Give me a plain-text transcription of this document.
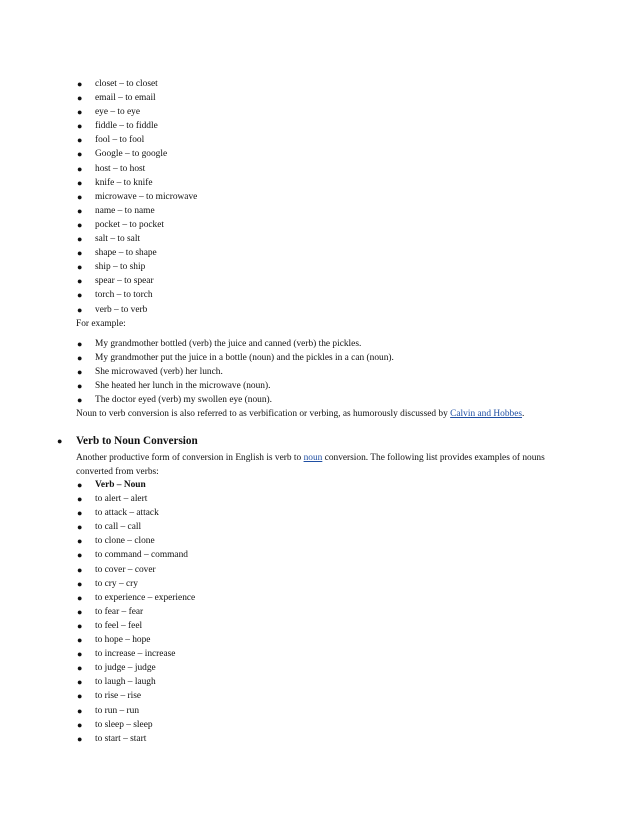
● closet – to closet
● email – to email
● eye – to eye
● fiddle – to fiddle
● fool – to fool
● Google – to google
● host – to host
● knife – to knife
● microwave – to microwave
● name – to name
● pocket – to pocket
● salt – to salt
● shape – to shape
● ship – to ship
● spear – to spear
● torch – to torch
● verb – to verb
For example:
● My grandmother bottled (verb) the juice and canned (verb) the pickles.
● My grandmother put the juice in a bottle (noun) and the pickles in a can (noun).
● She microwaved (verb) her lunch.
● She heated her lunch in the microwave (noun).
● The doctor eyed (verb) my swollen eye (noun).
Noun to verb conversion is also referred to as verbification or verbing, as humorously discussed by Calvin and Hobbes.
● Verb to Noun Conversion
Another productive form of conversion in English is verb to noun conversion. The following list provides examples of nouns
converted from verbs:
● Verb – Noun
● to alert – alert
● to attack – attack
● to call – call
● to clone – clone
● to command – command
● to cover – cover
● to cry – cry
● to experience – experience
● to fear – fear
● to feel – feel
● to hope – hope
● to increase – increase
● to judge – judge
● to laugh – laugh
● to rise – rise
● to run – run
● to sleep – sleep
● to start – start
